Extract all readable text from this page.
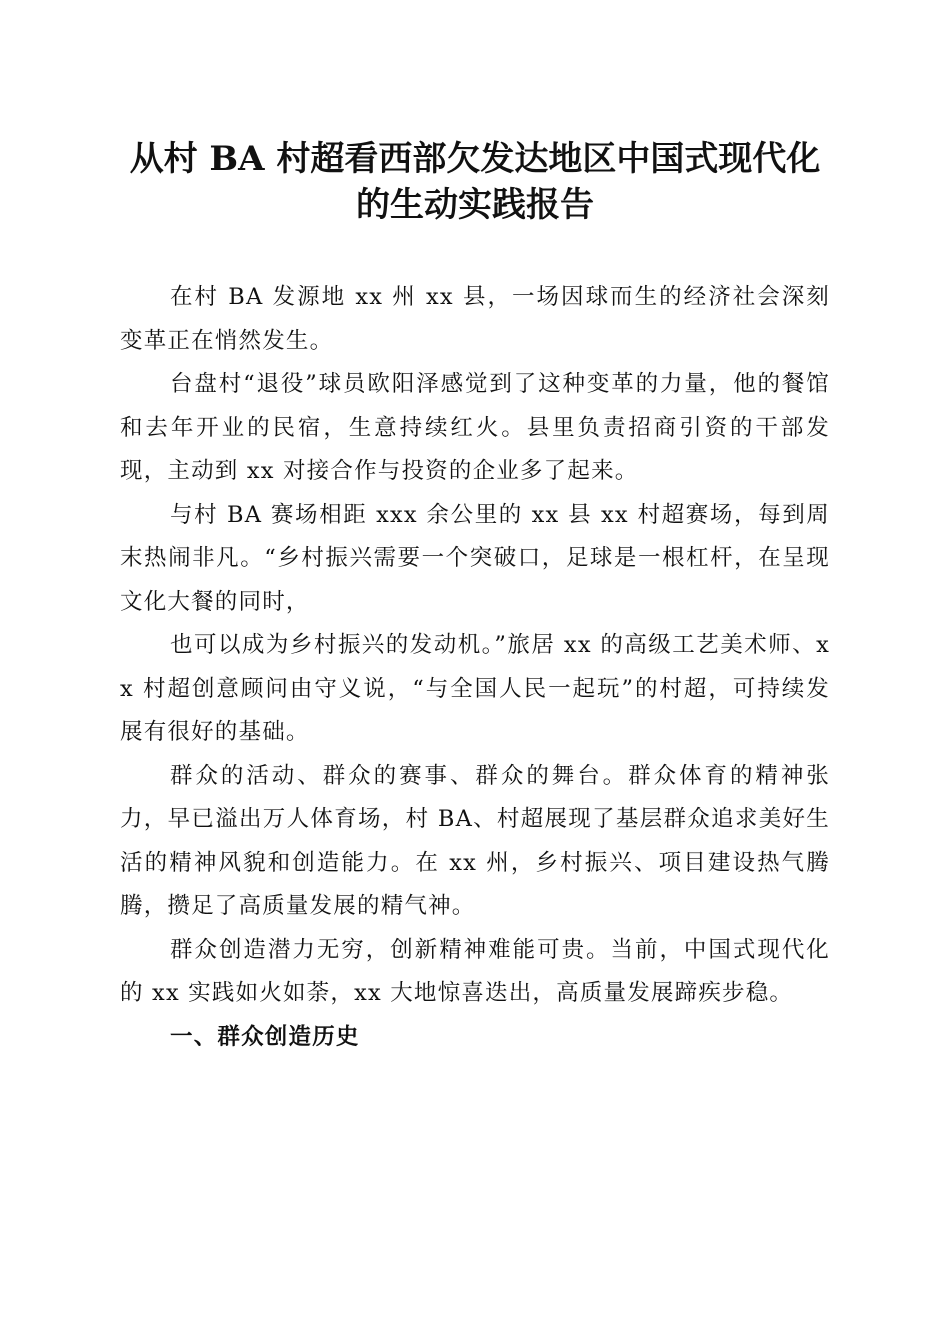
从村 BA 村超看西部欠发达地区中国式现代化
的生动实践报告

在村 BA 发源地 xx 州 xx 县，一场因球而生的经济社会深刻变革正在悄然发生。

台盘村“退役”球员欧阳泽感觉到了这种变革的力量，他的餐馆和去年开业的民宿，生意持续红火。县里负责招商引资的干部发现，主动到 xx 对接合作与投资的企业多了起来。

与村 BA 赛场相距 xxx 余公里的 xx 县 xx 村超赛场，每到周末热闹非凡。“乡村振兴需要一个突破口，足球是一根杠杆，在呈现文化大餐的同时，

也可以成为乡村振兴的发动机。”旅居 xx 的高级工艺美术师、xx 村超创意顾问由守义说，“与全国人民一起玩”的村超，可持续发展有很好的基础。

群众的活动、群众的赛事、群众的舞台。群众体育的精神张力，早已溢出万人体育场，村 BA、村超展现了基层群众追求美好生活的精神风貌和创造能力。在 xx 州，乡村振兴、项目建设热气腾腾，攒足了高质量发展的精气神。

群众创造潜力无穷，创新精神难能可贵。当前，中国式现代化的 xx 实践如火如荼，xx 大地惊喜迭出，高质量发展蹄疾步稳。

一、群众创造历史
